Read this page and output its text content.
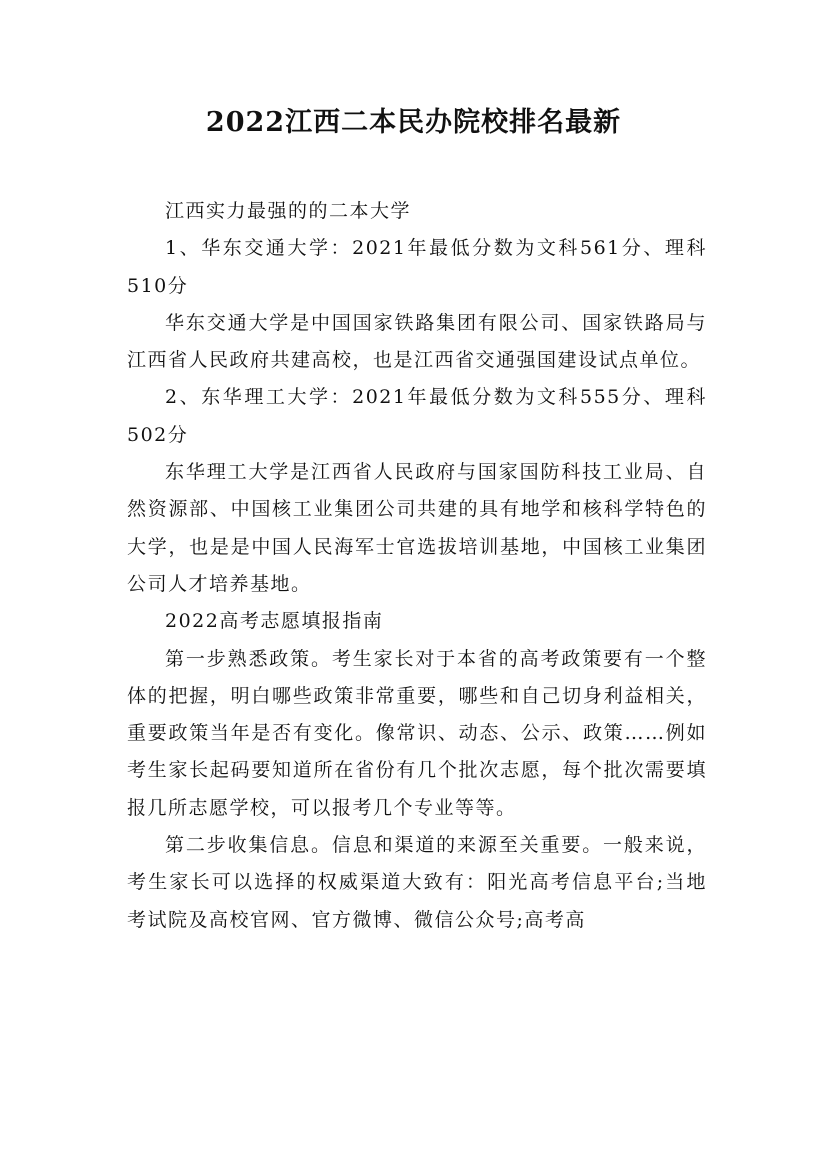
2022江西二本民办院校排名最新

江西实力最强的的二本大学

1、华东交通大学：2021年最低分数为文科561分、理科510分

华东交通大学是中国国家铁路集团有限公司、国家铁路局与江西省人民政府共建高校，也是江西省交通强国建设试点单位。

2、东华理工大学：2021年最低分数为文科555分、理科502分

东华理工大学是江西省人民政府与国家国防科技工业局、自然资源部、中国核工业集团公司共建的具有地学和核科学特色的大学，也是是中国人民海军士官选拔培训基地，中国核工业集团公司人才培养基地。

2022高考志愿填报指南

第一步熟悉政策。考生家长对于本省的高考政策要有一个整体的把握，明白哪些政策非常重要，哪些和自己切身利益相关，重要政策当年是否有变化。像常识、动态、公示、政策……例如考生家长起码要知道所在省份有几个批次志愿，每个批次需要填报几所志愿学校，可以报考几个专业等等。

第二步收集信息。信息和渠道的来源至关重要。一般来说，考生家长可以选择的权威渠道大致有：阳光高考信息平台;当地考试院及高校官网、官方微博、微信公众号;高考高
